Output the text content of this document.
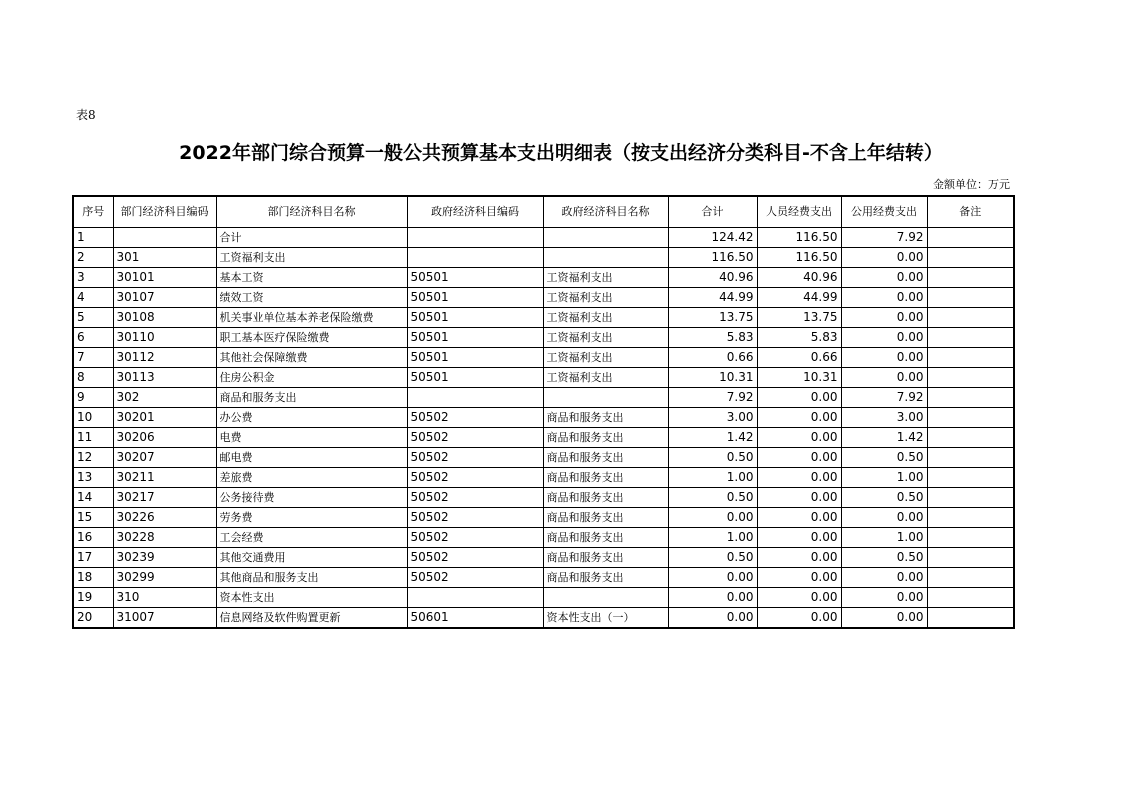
表8
2022年部门综合预算一般公共预算基本支出明细表（按支出经济分类科目-不含上年结转）
金额单位：万元
序号	部门经济科目编码	部门经济科目名称	政府经济科目编码	政府经济科目名称	合计	人员经费支出	公用经费支出	备注
1		合计			124.42	116.50	7.92	
2	301	工资福利支出			116.50	116.50	0.00	
3	30101	基本工资	50501	工资福利支出	40.96	40.96	0.00	
4	30107	绩效工资	50501	工资福利支出	44.99	44.99	0.00	
5	30108	机关事业单位基本养老保险缴费	50501	工资福利支出	13.75	13.75	0.00	
6	30110	职工基本医疗保险缴费	50501	工资福利支出	5.83	5.83	0.00	
7	30112	其他社会保障缴费	50501	工资福利支出	0.66	0.66	0.00	
8	30113	住房公积金	50501	工资福利支出	10.31	10.31	0.00	
9	302	商品和服务支出			7.92	0.00	7.92	
10	30201	办公费	50502	商品和服务支出	3.00	0.00	3.00	
11	30206	电费	50502	商品和服务支出	1.42	0.00	1.42	
12	30207	邮电费	50502	商品和服务支出	0.50	0.00	0.50	
13	30211	差旅费	50502	商品和服务支出	1.00	0.00	1.00	
14	30217	公务接待费	50502	商品和服务支出	0.50	0.00	0.50	
15	30226	劳务费	50502	商品和服务支出	0.00	0.00	0.00	
16	30228	工会经费	50502	商品和服务支出	1.00	0.00	1.00	
17	30239	其他交通费用	50502	商品和服务支出	0.50	0.00	0.50	
18	30299	其他商品和服务支出	50502	商品和服务支出	0.00	0.00	0.00	
19	310	资本性支出			0.00	0.00	0.00	
20	31007	信息网络及软件购置更新	50601	资本性支出（一）	0.00	0.00	0.00	
